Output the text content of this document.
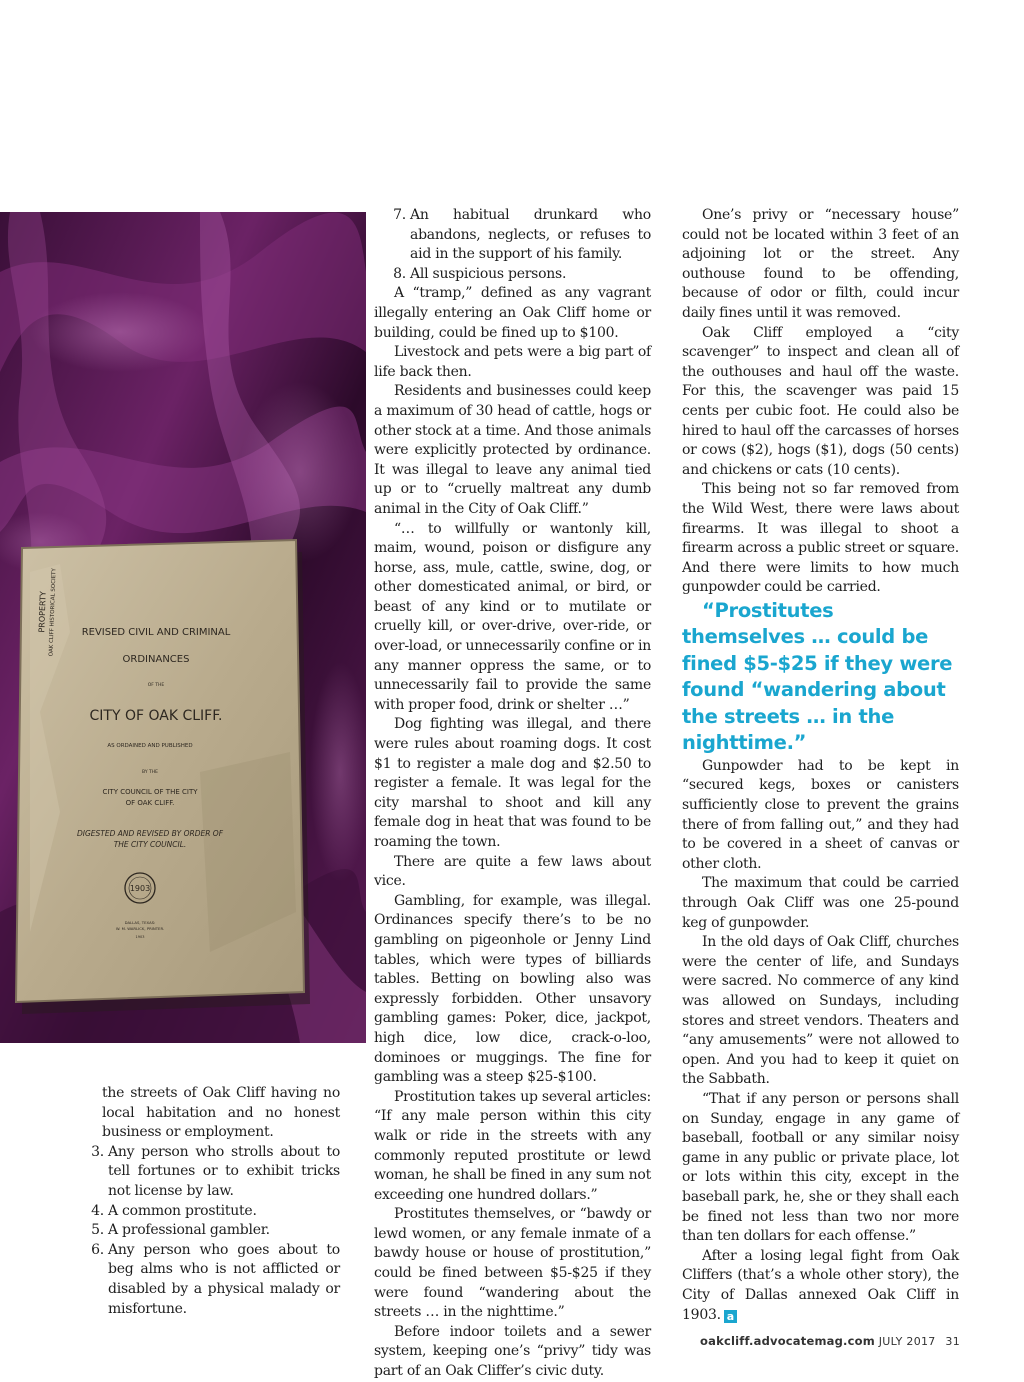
PROPERTY OAK CLIFF HISTORICAL SOCIETY REVISED CIVIL AND CRIMINAL
ORDINANCES
OF THE
CITY OF OAK CLIFF.
AS ORDAINED AND PUBLISHED
BY THE
CITY COUNCIL OF THE CITY
OF OAK CLIFF.
DIGESTED AND REVISED BY ORDER OF
THE CITY COUNCIL.
1903
DALLAS, TEXAS:
W. M. WARLICK, PRINTER.
1903

the streets of Oak Cliff having no local habitation and no honest business or employment.

3. Any person who strolls about to tell fortunes or to exhibit tricks not license by law.
4. A common prostitute.
5. A professional gambler.
6. Any person who goes about to beg alms who is not afflicted or disabled by a physical malady or misfortune.
7. An habitual drunkard who abandons, neglects, or refuses to aid in the support of his family.
8. All suspicious persons.

A “tramp,” defined as any vagrant illegally entering an Oak Cliff home or building, could be fined up to $100.

Livestock and pets were a big part of life back then.

Residents and businesses could keep a maximum of 30 head of cattle, hogs or other stock at a time. And those animals were explicitly protected by ordinance. It was illegal to leave any animal tied up or to “cruelly maltreat any dumb animal in the City of Oak Cliff.”

“… to willfully or wantonly kill, maim, wound, poison or disfigure any horse, ass, mule, cattle, swine, dog, or other domesticated animal, or bird, or beast of any kind or to mutilate or cruelly kill, or over-drive, over-ride, or over-load, or unnecessarily confine or in any manner oppress the same, or to unnecessarily fail to provide the same with proper food, drink or shelter …”

Dog fighting was illegal, and there were rules about roaming dogs. It cost $1 to register a male dog and $2.50 to register a female. It was legal for the city marshal to shoot and kill any female dog in heat that was found to be roaming the town.

There are quite a few laws about vice.

Gambling, for example, was illegal. Ordinances specify there’s to be no gambling on pigeonhole or Jenny Lind tables, which were types of billiards tables. Betting on bowling also was expressly forbidden. Other unsavory gambling games: Poker, dice, jackpot, high dice, low dice, crack-o-loo, dominoes or muggings. The fine for gambling was a steep $25-$100.

Prostitution takes up several articles: “If any male person within this city walk or ride in the streets with any commonly reputed prostitute or lewd woman, he shall be fined in any sum not exceeding one hundred dollars.”

Prostitutes themselves, or “bawdy or lewd women, or any female inmate of a bawdy house or house of prostitution,” could be fined between $5-$25 if they were found “wandering about the streets … in the nighttime.”

Before indoor toilets and a sewer system, keeping one’s “privy” tidy was part of an Oak Cliffer’s civic duty.

One’s privy or “necessary house” could not be located within 3 feet of an adjoining lot or the street. Any outhouse found to be offending, because of odor or filth, could incur daily fines until it was removed.

Oak Cliff employed a “city scavenger” to inspect and clean all of the outhouses and haul off the waste. For this, the scavenger was paid 15 cents per cubic foot. He could also be hired to haul off the carcasses of horses or cows ($2), hogs ($1), dogs (50 cents) and chickens or cats (10 cents).

This being not so far removed from the Wild West, there were laws about firearms. It was illegal to shoot a firearm across a public street or square. And there were limits to how much gunpowder could be carried.

“Prostitutes themselves … could be fined $5-$25 if they were found “wandering about the streets … in the nighttime.”

Gunpowder had to be kept in “secured kegs, boxes or canisters sufficiently close to prevent the grains there of from falling out,” and they had to be covered in a sheet of canvas or other cloth.

The maximum that could be carried through Oak Cliff was one 25-pound keg of gunpowder.

In the old days of Oak Cliff, churches were the center of life, and Sundays were sacred. No commerce of any kind was allowed on Sundays, including stores and street vendors. Theaters and “any amusements” were not allowed to open. And you had to keep it quiet on the Sabbath.

“That if any person or persons shall on Sunday, engage in any game of baseball, football or any similar noisy game in any public or private place, lot or lots within this city, except in the baseball park, he, she or they shall each be fined not less than two nor more than ten dollars for each offense.”

After a losing legal fight from Oak Cliffers (that’s a whole other story), the City of Dallas annexed Oak Cliff in 1903. a

oakcliff.advocatemag.com JULY 2017 31
